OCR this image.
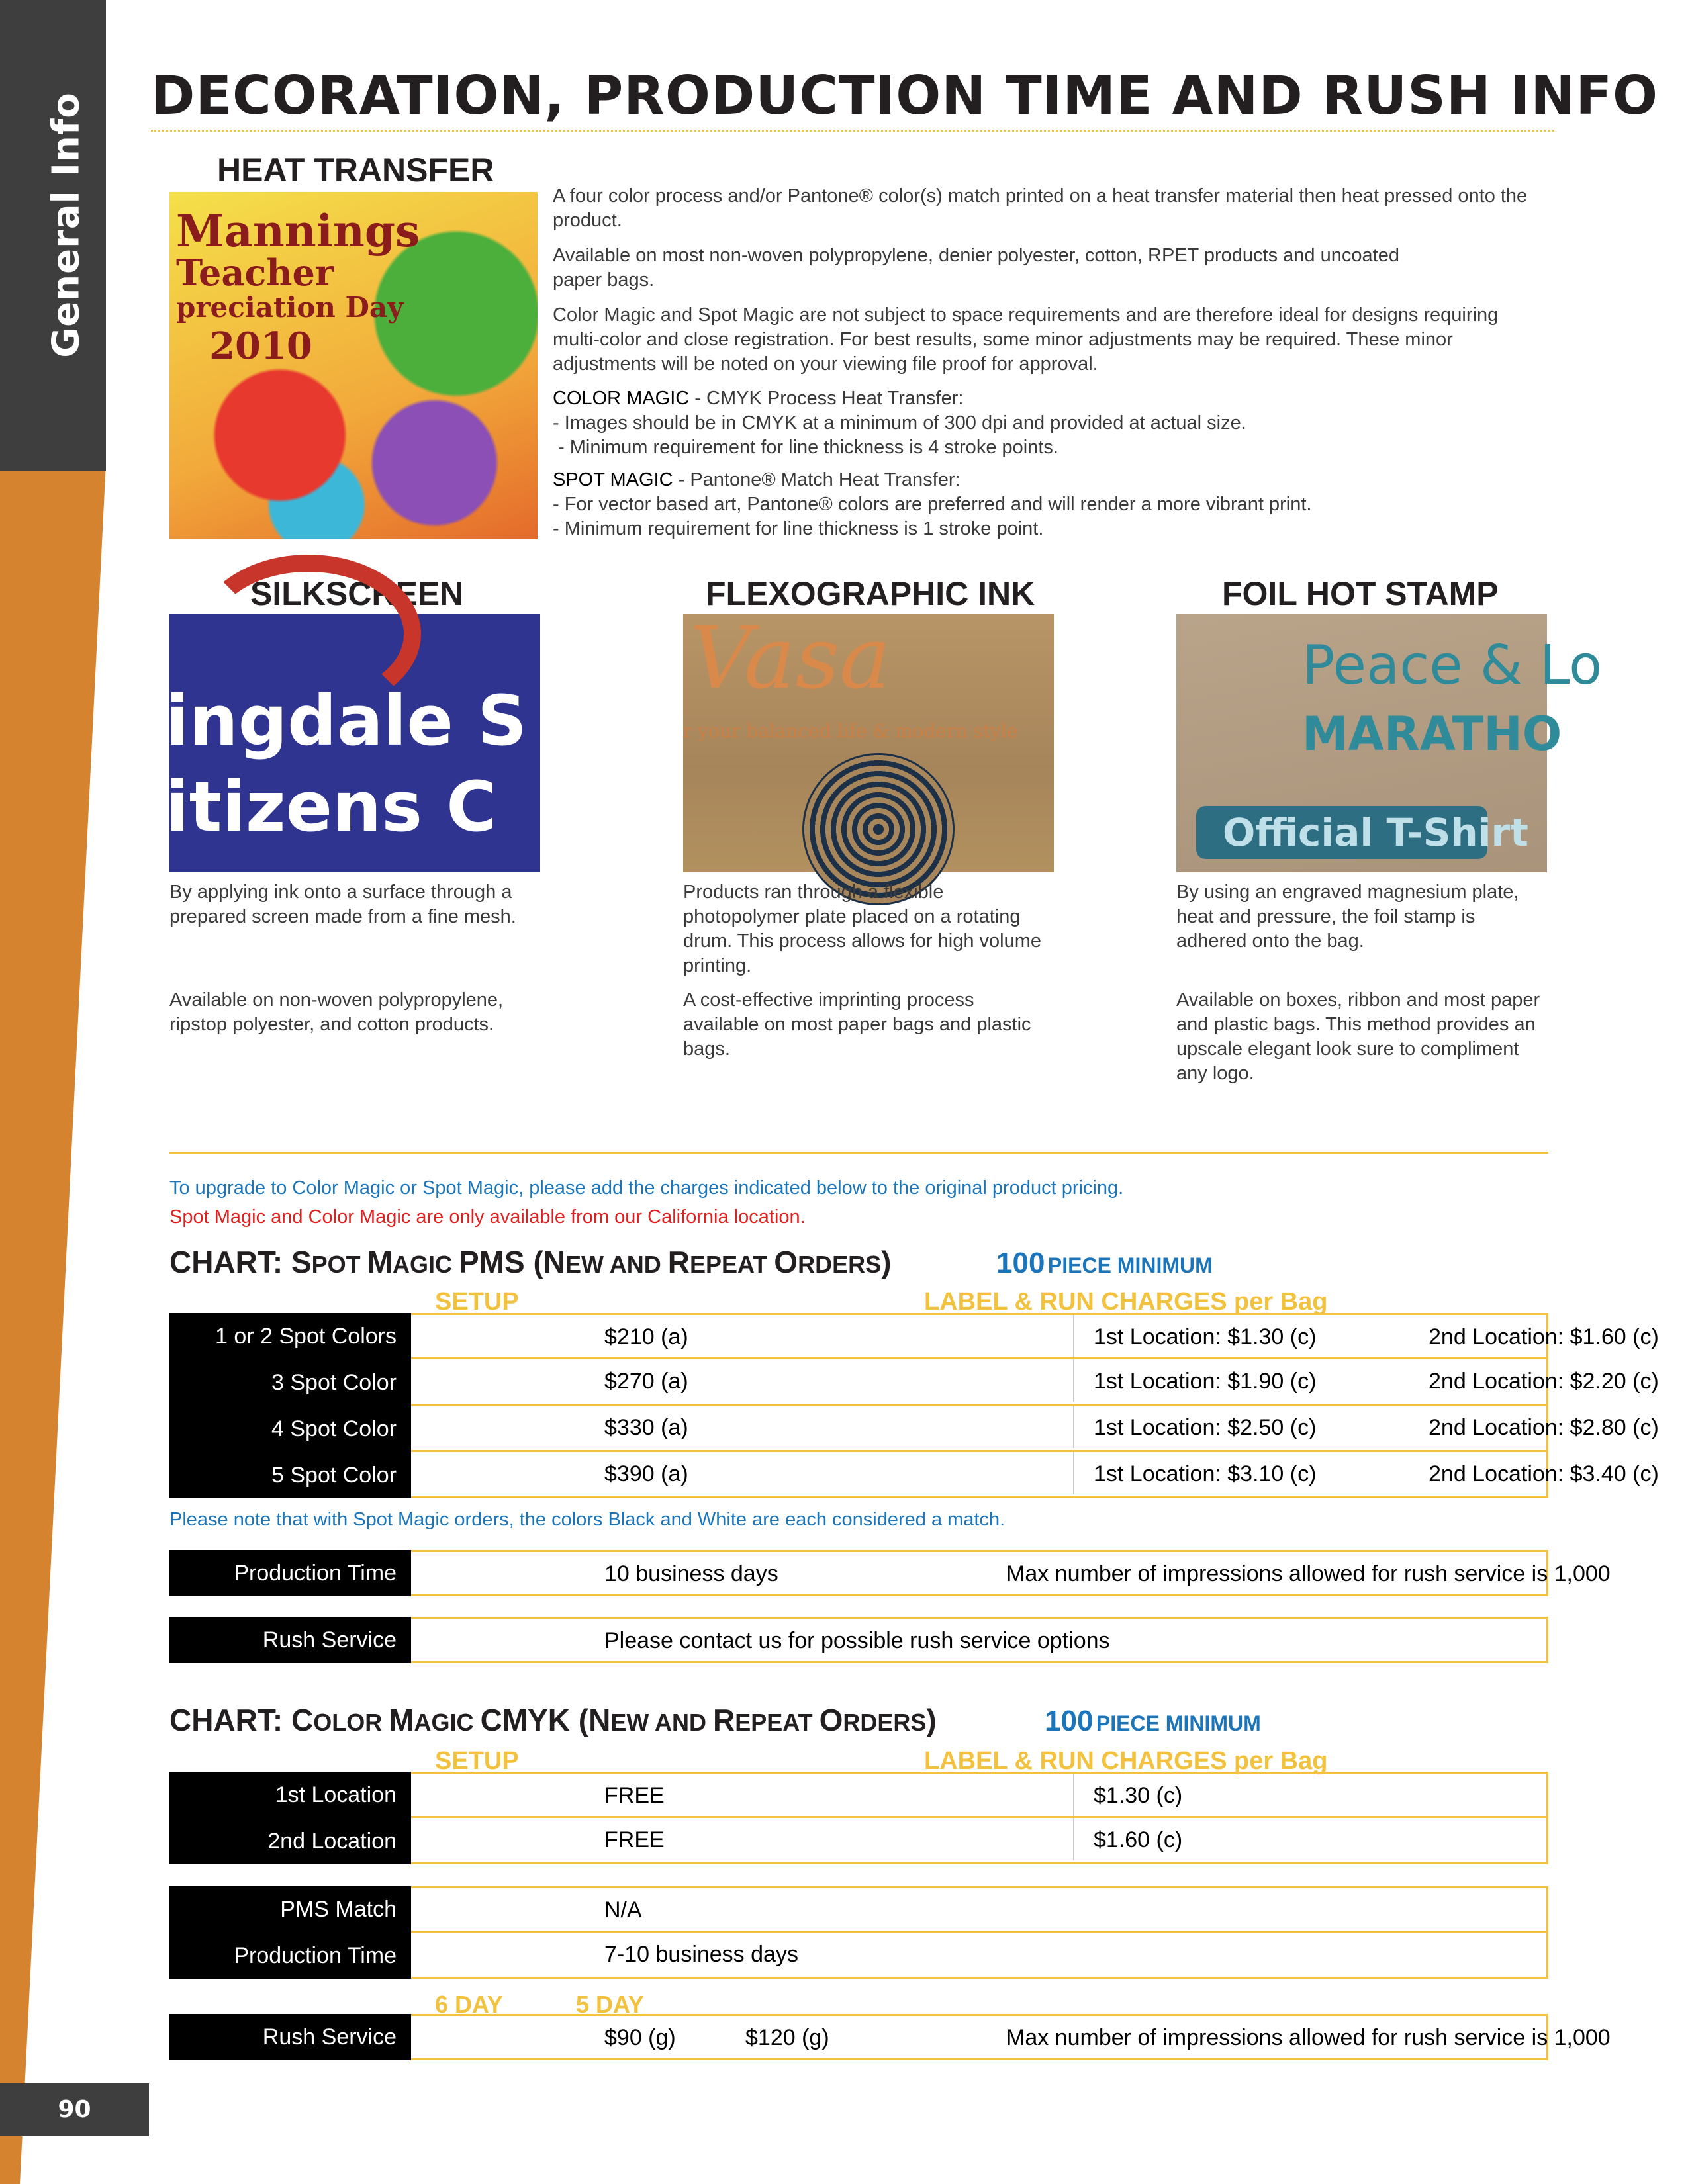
General Info
90
DECORATION, PRODUCTION TIME AND RUSH INFO
HEAT TRANSFER
Mannings
Teacher
preciation Day
2010
A four color process and/or Pantone® color(s) match printed on a heat transfer material then heat pressed onto the product.
Available on most non-woven polypropylene, denier polyester, cotton, RPET products and uncoated paper bags.
Color Magic and Spot Magic are not subject to space requirements and are therefore ideal for designs requiring multi-color and close registration. For best results, some minor adjustments may be required. These minor adjustments will be noted on your viewing file proof for approval.
COLOR MAGIC - CMYK Process Heat Transfer:
- Images should be in CMYK at a minimum of 300 dpi and provided at actual size.
- Minimum requirement for line thickness is 4 stroke points.
SPOT MAGIC - Pantone® Match Heat Transfer:
- For vector based art, Pantone® colors are preferred and will render a more vibrant print.
- Minimum requirement for line thickness is 1 stroke point.
SILKSCREEN	FLEXOGRAPHIC INK	FOIL HOT STAMP
ingdale S
itizens C
Vasa
r your balanced life & modern style
Peace & Lo
MARATHO
Official T-Shirt
By applying ink onto a surface through a prepared screen made from a fine mesh.
Available on non-woven polypropylene, ripstop polyester, and cotton products.
Products ran through a flexible photopolymer plate placed on a rotating drum. This process allows for high volume printing.
A cost-effective imprinting process available on most paper bags and plastic bags.
By using an engraved magnesium plate, heat and pressure, the foil stamp is adhered onto the bag.
Available on boxes, ribbon and most paper and plastic bags. This method provides an upscale elegant look sure to compliment any logo.
To upgrade to Color Magic or Spot Magic, please add the charges indicated below to the original product pricing.
Spot Magic and Color Magic are only available from our California location.
CHART: SPOT MAGIC PMS (NEW AND REPEAT ORDERS)	100 PIECE MINIMUM
SETUP	LABEL & RUN CHARGES per Bag
1 or 2 Spot Colors	$210 (a)	1st Location: $1.30 (c)	2nd Location: $1.60 (c)
3 Spot Color	$270 (a)	1st Location: $1.90 (c)	2nd Location: $2.20 (c)
4 Spot Color	$330 (a)	1st Location: $2.50 (c)	2nd Location: $2.80 (c)
5 Spot Color	$390 (a)	1st Location: $3.10 (c)	2nd Location: $3.40 (c)
Please note that with Spot Magic orders, the colors Black and White are each considered a match.
Production Time	10 business days	Max number of impressions allowed for rush service is 1,000
Rush Service	Please contact us for possible rush service options
CHART: COLOR MAGIC CMYK (NEW AND REPEAT ORDERS)	100 PIECE MINIMUM
SETUP	LABEL & RUN CHARGES per Bag
1st Location	FREE	$1.30 (c)
2nd Location	FREE	$1.60 (c)
PMS Match	N/A
Production Time	7-10 business days
6 DAY	5 DAY
Rush Service	$90 (g)	$120 (g)	Max number of impressions allowed for rush service is 1,000
